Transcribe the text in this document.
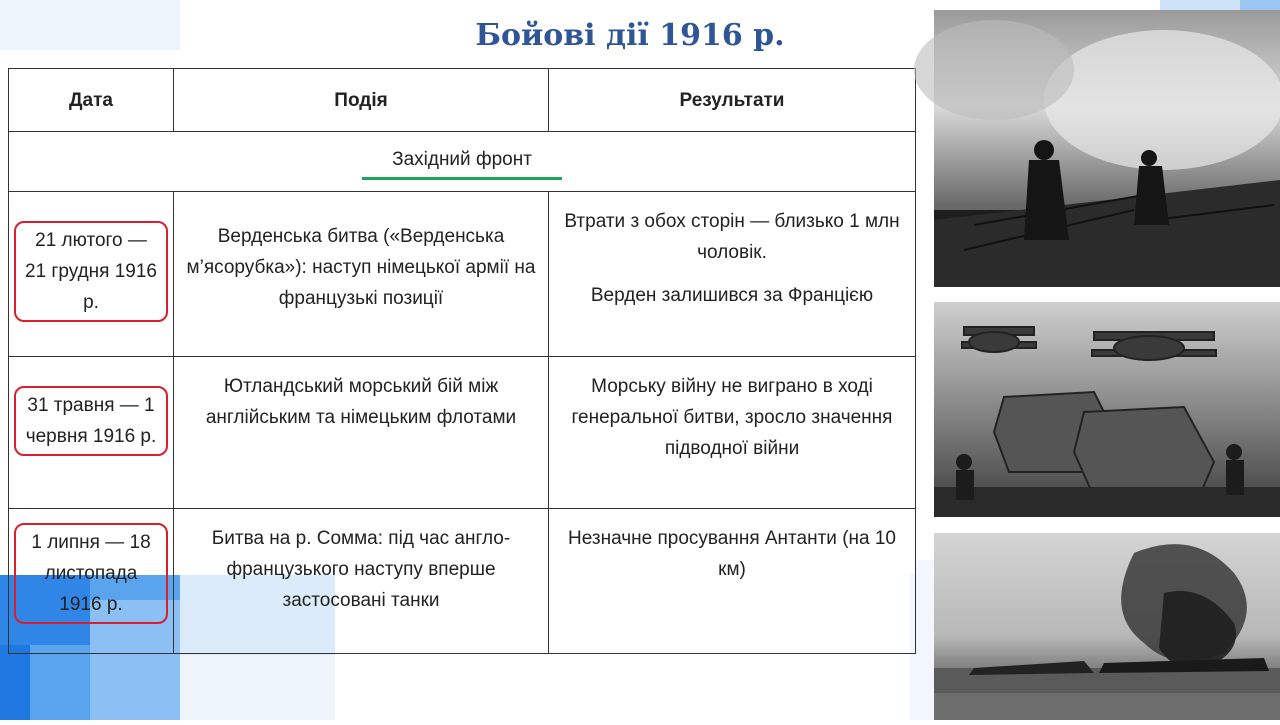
Бойові дії 1916 р.
Дата	Подія	Результати
Західний фронт		

21 лютого — 21 грудня 1916 р.	Верденська битва («Верденська м’ясорубка»): наступ німецької армії на французькі позиції	Втрати з обох сторін — близько 1 млн чоловік.

Верден залишився за Францією

31 травня — 1 червня 1916 р.	Ютландський морський бій між англійським та німецьким флотами	Морську війну не виграно в ході генеральної битви, зросло значення підводної війни
1 липня — 18 листопада 1916 р.	Битва на р. Сомма: під час англо-французького наступу вперше застосовані танки	Незначне просування Антанти (на 10 км)
